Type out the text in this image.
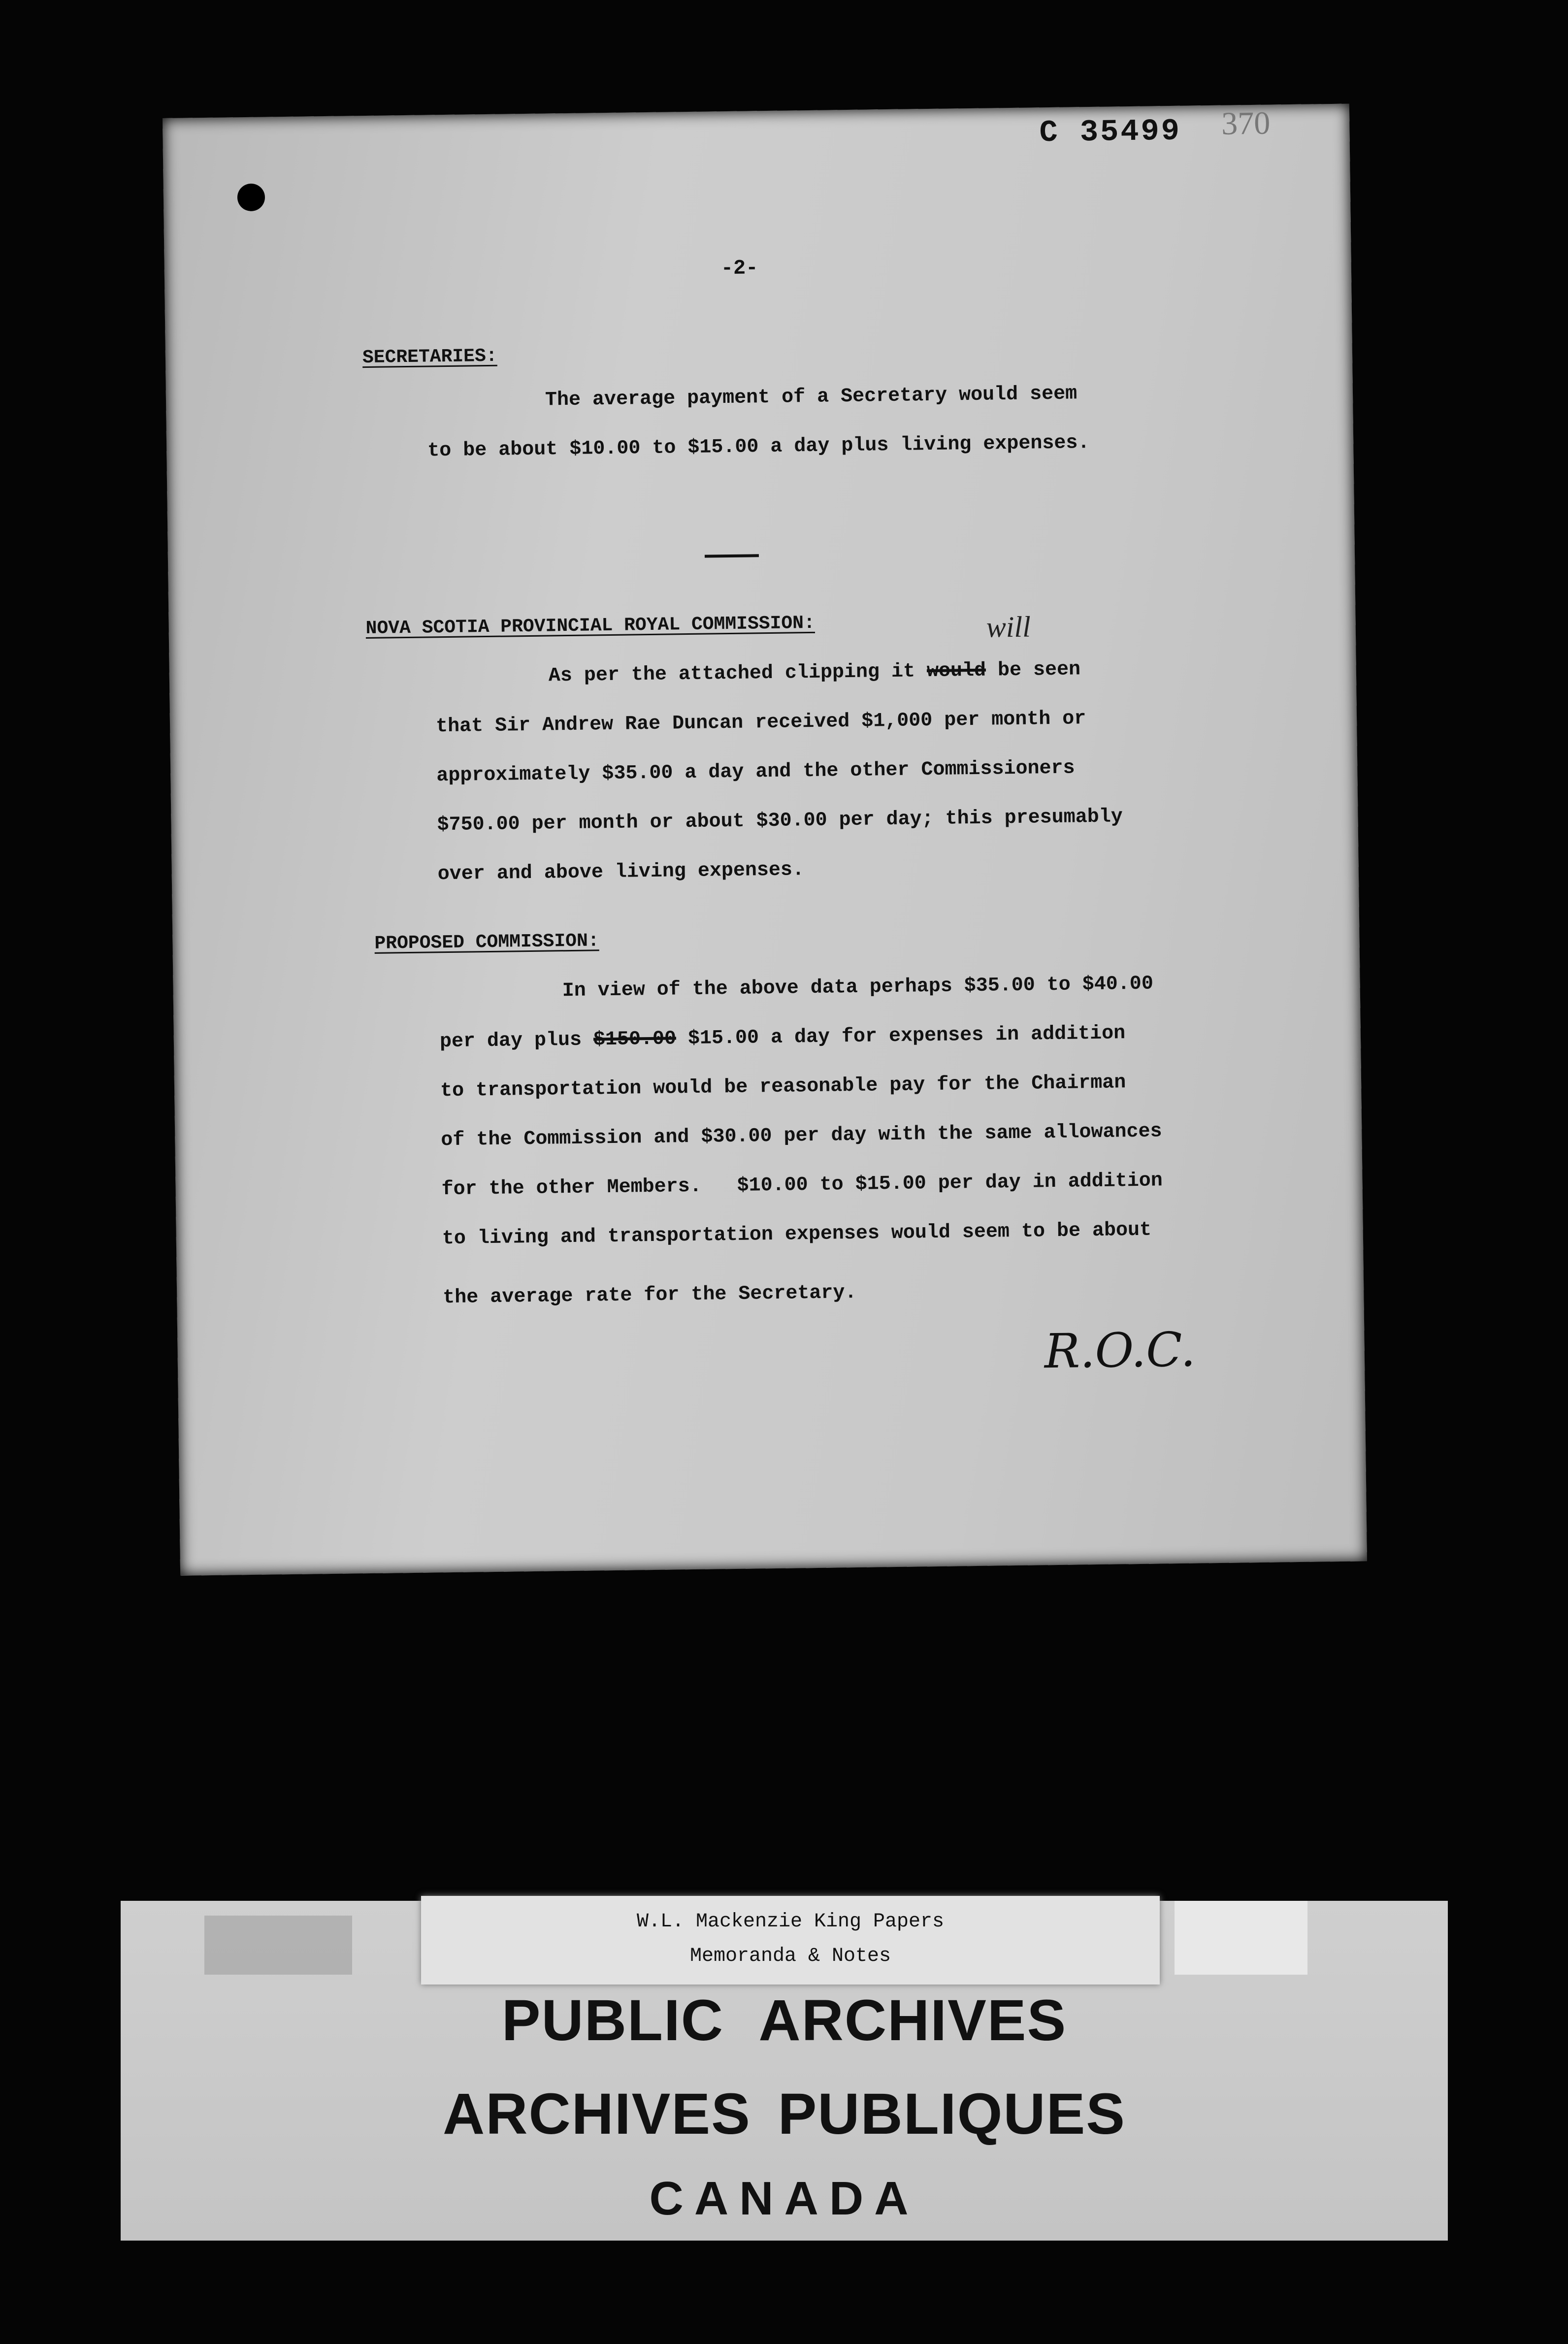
C 35499 370
-2-
SECRETARIES:
The average payment of a Secretary would seem
to be about $10.00 to $15.00 a day plus living expenses.
NOVA SCOTIA PROVINCIAL ROYAL COMMISSION:
As per the attached clipping it would be seen
will
that Sir Andrew Rae Duncan received $1,000 per month or
approximately $35.00 a day and the other Commissioners
$750.00 per month or about $30.00 per day; this presumably
over and above living expenses.
PROPOSED COMMISSION:
In view of the above data perhaps $35.00 to $40.00
per day plus $150.00 $15.00 a day for expenses in addition
to transportation would be reasonable pay for the Chairman
of the Commission and $30.00 per day with the same allowances
for the other Members.   $10.00 to $15.00 per day in addition
to living and transportation expenses would seem to be about
the average rate for the Secretary.
R.O.C.
W.L. Mackenzie King Papers
Memoranda & Notes
PUBLIC ARCHIVES
ARCHIVES PUBLIQUES
CANADA
